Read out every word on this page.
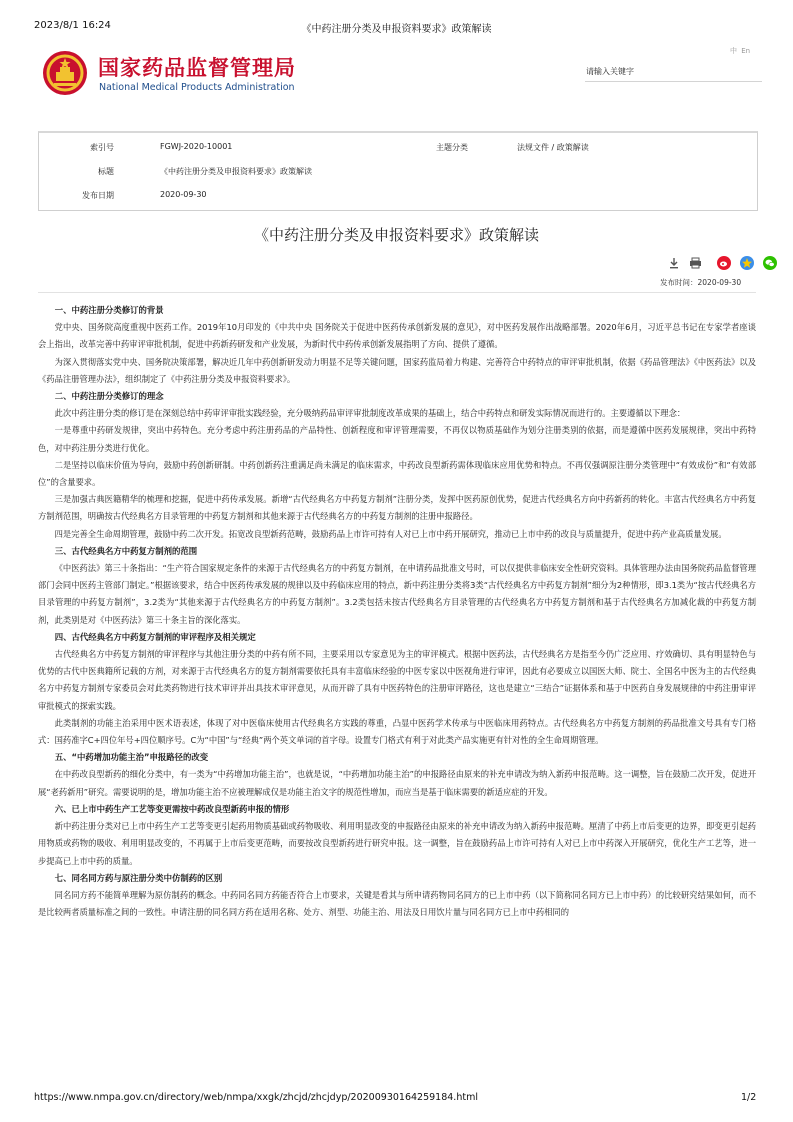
2023/8/1 16:24	《中药注册分类及申报资料要求》政策解读
国家药品监督管理局
National Medical Products Administration
中 En
请输入关键字
索引号	FGWJ-2020-10001	主题分类	法规文件 / 政策解读
标题	《中药注册分类及申报资料要求》政策解读
发布日期	2020-09-30
《中药注册分类及申报资料要求》政策解读

发布时间：2020-09-30
一、中药注册分类修订的背景

党中央、国务院高度重视中医药工作。2019年10月印发的《中共中央 国务院关于促进中医药传承创新发展的意见》，对中医药发展作出战略部署。2020年6月，习近平总书记在专家学者座谈会上指出，改革完善中药审评审批机制，促进中药新药研发和产业发展，为新时代中药传承创新发展指明了方向、提供了遵循。

为深入贯彻落实党中央、国务院决策部署，解决近几年中药创新研发动力明显不足等关键问题，国家药监局着力构建、完善符合中药特点的审评审批机制，依据《药品管理法》《中医药法》以及《药品注册管理办法》，组织制定了《中药注册分类及申报资料要求》。

二、中药注册分类修订的理念

此次中药注册分类的修订是在深刻总结中药审评审批实践经验，充分吸纳药品审评审批制度改革成果的基础上，结合中药特点和研发实际情况而进行的。主要遵循以下理念：

一是尊重中药研发规律，突出中药特色。充分考虑中药注册药品的产品特性、创新程度和审评管理需要，不再仅以物质基础作为划分注册类别的依据，而是遵循中医药发展规律，突出中药特色，对中药注册分类进行优化。

二是坚持以临床价值为导向，鼓励中药创新研制。中药创新药注重满足尚未满足的临床需求，中药改良型新药需体现临床应用优势和特点。不再仅强调原注册分类管理中“有效成份”和“有效部位”的含量要求。

三是加强古典医籍精华的梳理和挖掘，促进中药传承发展。新增“古代经典名方中药复方制剂”注册分类，发挥中医药原创优势，促进古代经典名方向中药新药的转化。丰富古代经典名方中药复方制剂范围，明确按古代经典名方目录管理的中药复方制剂和其他来源于古代经典名方的中药复方制剂的注册申报路径。

四是完善全生命周期管理，鼓励中药二次开发。拓宽改良型新药范畴，鼓励药品上市许可持有人对已上市中药开展研究，推动已上市中药的改良与质量提升，促进中药产业高质量发展。

三、古代经典名方中药复方制剂的范围

《中医药法》第三十条指出：“生产符合国家规定条件的来源于古代经典名方的中药复方制剂，在申请药品批准文号时，可以仅提供非临床安全性研究资料。具体管理办法由国务院药品监督管理部门会同中医药主管部门制定。”根据该要求，结合中医药传承发展的规律以及中药临床应用的特点，新中药注册分类将3类“古代经典名方中药复方制剂”细分为2种情形，即3.1类为“按古代经典名方目录管理的中药复方制剂”，3.2类为“其他来源于古代经典名方的中药复方制剂”。3.2类包括未按古代经典名方目录管理的古代经典名方中药复方制剂和基于古代经典名方加减化裁的中药复方制剂，此类别是对《中医药法》第三十条主旨的深化落实。

四、古代经典名方中药复方制剂的审评程序及相关规定

古代经典名方中药复方制剂的审评程序与其他注册分类的中药有所不同，主要采用以专家意见为主的审评模式。根据中医药法，古代经典名方是指至今仍广泛应用、疗效确切、具有明显特色与优势的古代中医典籍所记载的方剂，对来源于古代经典名方的复方制剂需要依托具有丰富临床经验的中医专家以中医视角进行审评，因此有必要成立以国医大师、院士、全国名中医为主的古代经典名方中药复方制剂专家委员会对此类药物进行技术审评并出具技术审评意见，从而开辟了具有中医药特色的注册审评路径，这也是建立“三结合”证据体系和基于中医药自身发展规律的中药注册审评审批模式的探索实践。

此类制剂的功能主治采用中医术语表述，体现了对中医临床使用古代经典名方实践的尊重，凸显中医药学术传承与中医临床用药特点。古代经典名方中药复方制剂的药品批准文号具有专门格式：国药准字C+四位年号+四位顺序号。C为“中国”与“经典”两个英文单词的首字母。设置专门格式有利于对此类产品实施更有针对性的全生命周期管理。

五、“中药增加功能主治”申报路径的改变

在中药改良型新药的细化分类中，有一类为“中药增加功能主治”，也就是说，“中药增加功能主治”的申报路径由原来的补充申请改为纳入新药申报范畴。这一调整，旨在鼓励二次开发，促进开展“老药新用”研究。需要说明的是，增加功能主治不应被理解成仅是功能主治文字的规范性增加，而应当是基于临床需要的新适应症的开发。

六、已上市中药生产工艺等变更需按中药改良型新药申报的情形

新中药注册分类对已上市中药生产工艺等变更引起药用物质基础或药物吸收、利用明显改变的申报路径由原来的补充申请改为纳入新药申报范畴。厘清了中药上市后变更的边界，即变更引起药用物质或药物的吸收、利用明显改变的，不再属于上市后变更范畴，而要按改良型新药进行研究申报。这一调整，旨在鼓励药品上市许可持有人对已上市中药深入开展研究，优化生产工艺等，进一步提高已上市中药的质量。

七、同名同方药与原注册分类中仿制药的区别

同名同方药不能简单理解为原仿制药的概念。中药同名同方药能否符合上市要求，关键是看其与所申请药物同名同方的已上市中药（以下简称同名同方已上市中药）的比较研究结果如何，而不是比较两者质量标准之间的一致性。申请注册的同名同方药在适用名称、处方、剂型、功能主治、用法及日用饮片量与同名同方已上市中药相同的

https://www.nmpa.gov.cn/directory/web/nmpa/xxgk/zhcjd/zhcjdyp/20200930164259184.html	1/2
